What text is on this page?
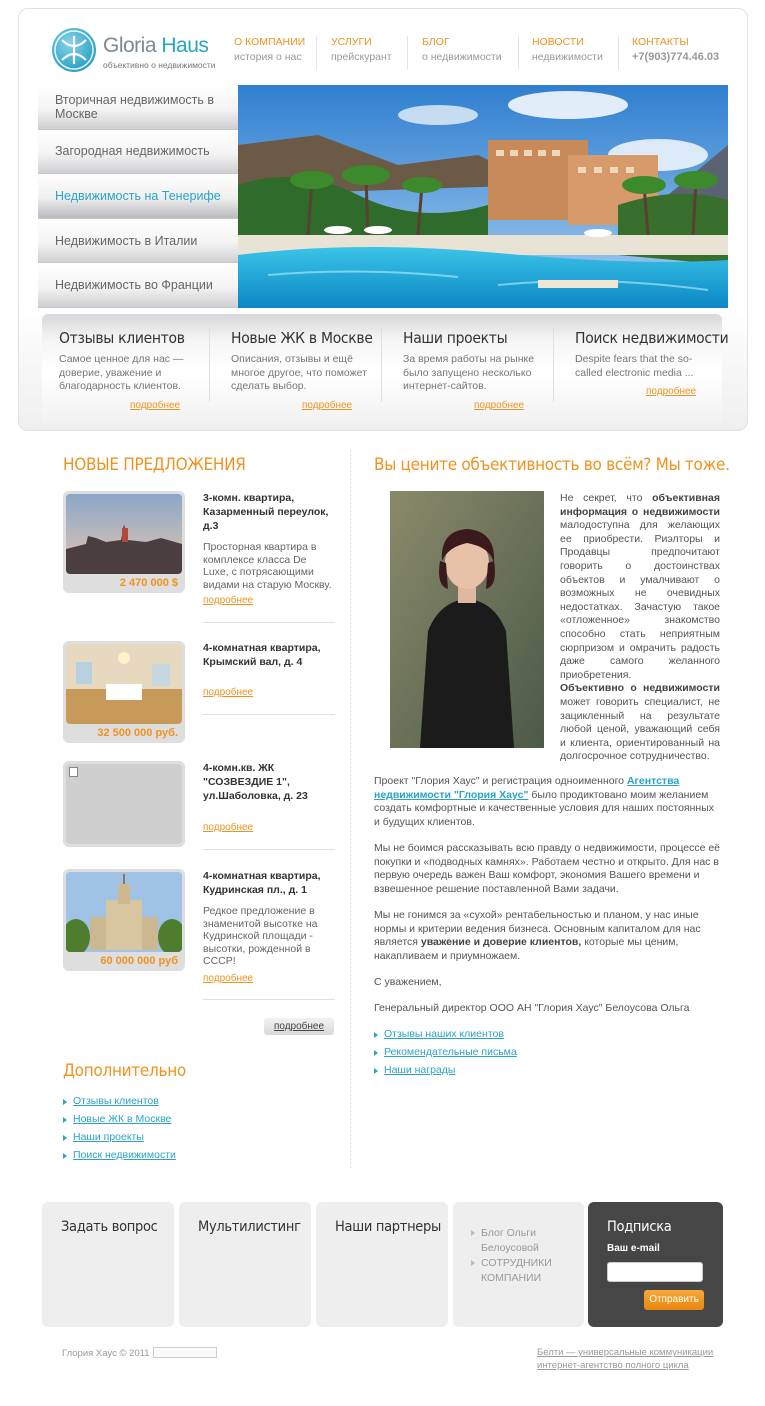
Gloria Haus
объективно о недвижимости
О КОМПАНИИ
история о нас
УСЛУГИ
прейскурант
БЛОГ
о недвижимости
НОВОСТИ
недвижимости
КОНТАКТЫ
+7(903)774.46.03
Вторичная недвижимость в Москве
Загородная недвижимость
Недвижимость на Тенерифе
Недвижимость в Италии
Недвижимость во Франции
Отзывы клиентов

Самое ценное для нас — доверие, уважение и благодарность клиентов.

подробнее
Новые ЖК в Москве

Описания, отзывы и ещё многое другое, что поможет сделать выбор.

подробнее
Наши проекты

За время работы на рынке было запущено несколько интернет-сайтов.

подробнее
Поиск недвижимости

Despite fears that the so-called electronic media ...

подробнее
НОВЫЕ ПРЕДЛОЖЕНИЯ
2 470 000 $
3-комн. квартира, Казарменный переулок, д.3
Просторная квартира в комплексе класса De Luxe, с потрясающими видами на старую Москву.
подробнее
32 500 000 руб.
4-комнатная квартира, Крымский вал, д. 4
подробнее
4-комн.кв. ЖК "СОЗВЕЗДИЕ 1", ул.Шаболовка, д. 23
подробнее
60 000 000 руб
4-комнатная квартира, Кудринская пл., д. 1
Редкое предложение в знаменитой высотке на Кудринской площади - высотки, рожденной в СССР!
подробнее
подробнее
Дополнительно
Отзывы клиентов
Новые ЖК в Москве
Наши проекты
Поиск недвижимости
Вы цените объективность во всём? Мы тоже.
Не секрет, что объективная информация о недвижимости малодоступна для желающих ее приобрести. Риэлторы и Продавцы предпочитают говорить о достоинствах объектов и умалчивают о возможных не очевидных недостатках. Зачастую такое «отложенное» знакомство способно стать неприятным сюрпризом и омрачить радость даже самого желанного приобретения.
Объективно о недвижимости может говорить специалист, не зацикленный на результате любой ценой, уважающий себя и клиента, ориентированный на долгосрочное сотрудничество.

Проект "Глория Хаус" и регистрация одноименного Агентства недвижимости "Глория Хаус" было продиктовано моим желанием создать комфортные и качественные условия для наших постоянных и будущих клиентов.

Мы не боимся рассказывать всю правду о недвижимости, процессе её покупки и «подводных камнях». Работаем честно и открыто. Для нас в первую очередь важен Ваш комфорт, экономия Вашего времени и взвешенное решение поставленной Вами задачи.

Мы не гонимся за «сухой» рентабельностью и планом, у нас иные нормы и критерии ведения бизнеса. Основным капиталом для нас является уважение и доверие клиентов, которые мы ценим, накапливаем и приумножаем.

С уважением,

Генеральный директор ООО АН "Глория Хаус" Белоусова Ольга

Отзывы наших клиентов
Рекомендательные письма
Наши награды
Задать вопрос	Мультилистинг Наши партнеры	Блог Ольги Белоусовой
СОТРУДНИКИ КОМПАНИИ
Подписка
Ваш e-mail
Отправить
Глория Хаус © 2011	Белти — универсальные коммуникации
интернет-агентство полного цикла
